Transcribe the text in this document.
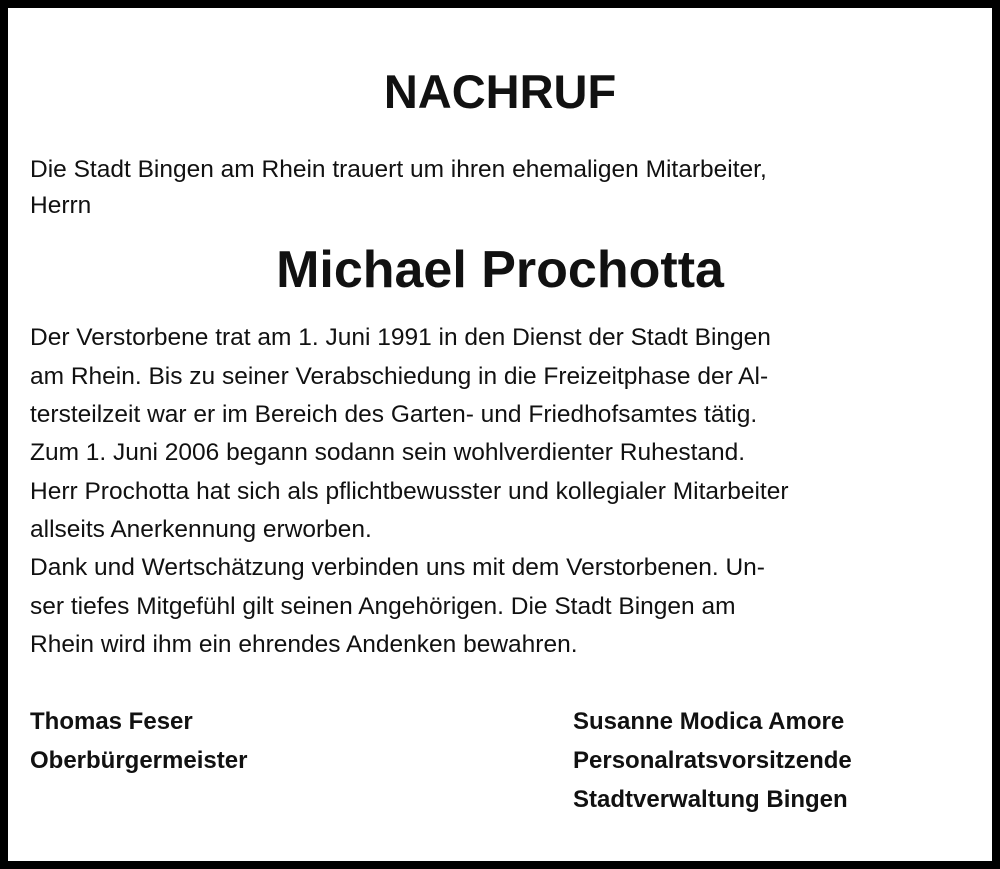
NACHRUF
Die Stadt Bingen am Rhein trauert um ihren ehemaligen Mitarbeiter,
Herrn
Michael Prochotta
Der Verstorbene trat am 1. Juni 1991 in den Dienst der Stadt Bingen
am Rhein. Bis zu seiner Verabschiedung in die Freizeitphase der Al-
tersteilzeit war er im Bereich des Garten- und Friedhofsamtes tätig.
Zum 1. Juni 2006 begann sodann sein wohlverdienter Ruhestand.
Herr Prochotta hat sich als pflichtbewusster und kollegialer Mitarbeiter
allseits Anerkennung erworben.
Dank und Wertschätzung verbinden uns mit dem Verstorbenen. Un-
ser tiefes Mitgefühl gilt seinen Angehörigen. Die Stadt Bingen am
Rhein wird ihm ein ehrendes Andenken bewahren.
Thomas Feser
Oberbürgermeister
Susanne Modica Amore
Personalratsvorsitzende
Stadtverwaltung Bingen
